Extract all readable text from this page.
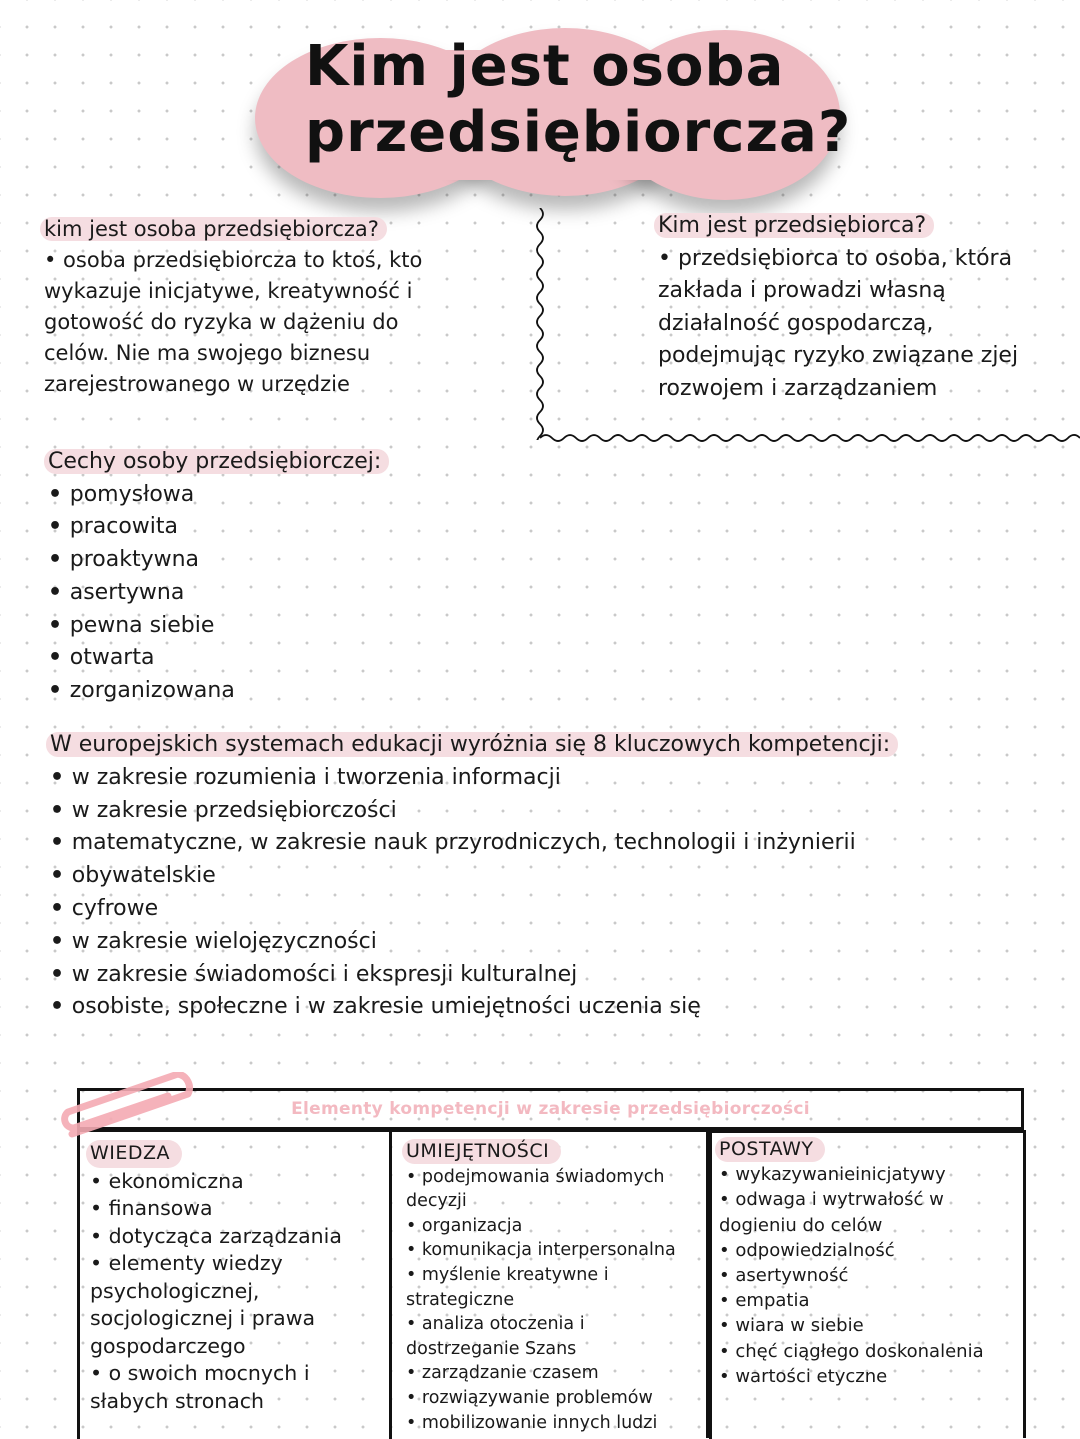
Kim jest osoba
przedsiębiorcza?
kim jest osoba przedsiębiorcza?
• osoba przedsiębiorcza to ktoś, kto
wykazuje inicjatywe, kreatywność i
gotowość do ryzyka w dążeniu do
celów. Nie ma swojego biznesu
zarejestrowanego w urzędzie
Kim jest przedsiębiorca?
• przedsiębiorca to osoba, która
zakłada i prowadzi własną
działalność gospodarczą,
podejmując ryzyko związane zjej
rozwojem i zarządzaniem
Cechy osoby przedsiębiorczej:
• pomysłowa
• pracowita
• proaktywna
• asertywna
• pewna siebie
• otwarta
• zorganizowana
W europejskich systemach edukacji wyróżnia się 8 kluczowych kompetencji:
• w zakresie rozumienia i tworzenia informacji
• w zakresie przedsiębiorczości
• matematyczne, w zakresie nauk przyrodniczych, technologii i inżynierii
• obywatelskie
• cyfrowe
• w zakresie wielojęzyczności
• w zakresie świadomości i ekspresji kulturalnej
• osobiste, społeczne i w zakresie umiejętności uczenia się
Elementy kompetencji w zakresie przedsiębiorczości
WIEDZA
• ekonomiczna
• finansowa
• dotycząca zarządzania
• elementy wiedzy
psychologicznej,
socjologicznej i prawa
gospodarczego
• o swoich mocnych i
słabych stronach
UMIEJĘTNOŚCI
• podejmowania świadomych
decyzji
• organizacja
• komunikacja interpersonalna
• myślenie kreatywne i
strategiczne
• analiza otoczenia i
dostrzeganie Szans
• zarządzanie czasem
• rozwiązywanie problemów
• mobilizowanie innych ludzi
POSTAWY
• wykazywanieinicjatywy
• odwaga i wytrwałość w
dogieniu do celów
• odpowiedzialność
• asertywność
• empatia
• wiara w siebie
• chęć ciągłego doskonalenia
• wartości etyczne
